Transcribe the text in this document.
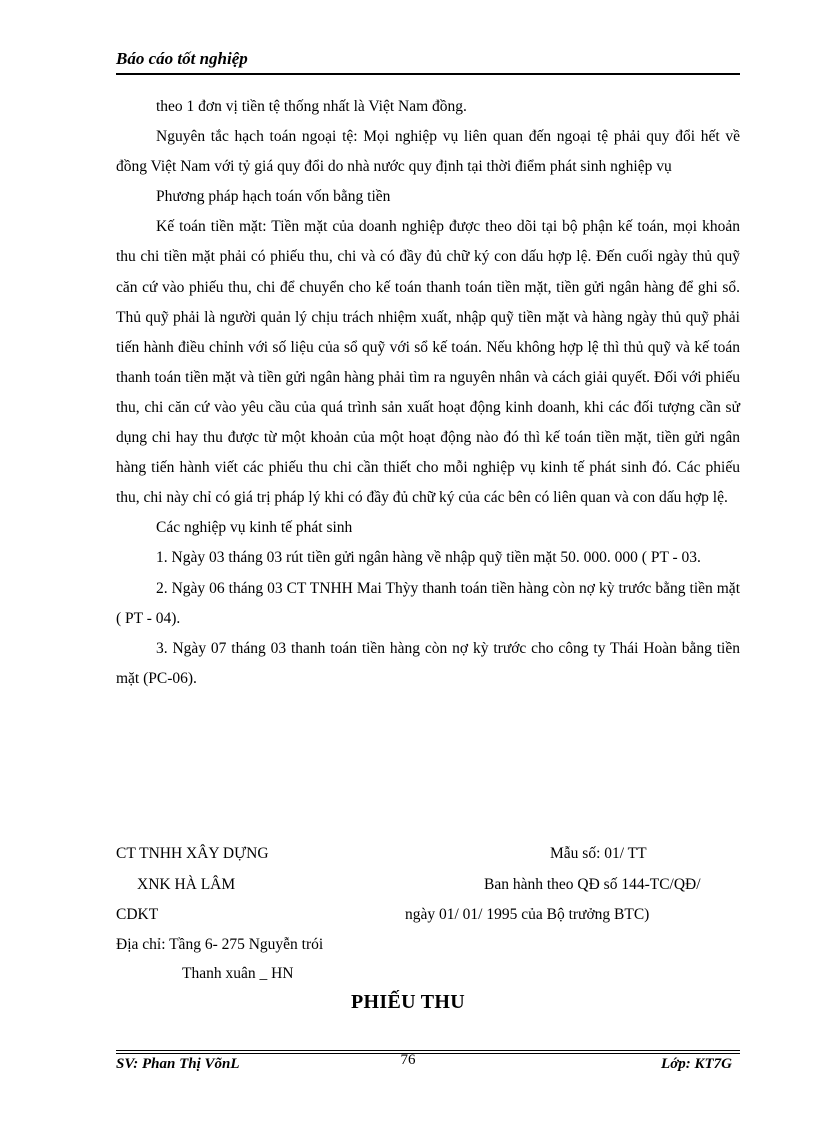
Báo cáo tốt nghiệp

theo 1 đơn vị tiền tệ thống nhất là Việt Nam đồng.

Nguyên tắc hạch toán ngoại tệ: Mọi nghiệp vụ liên quan đến ngoại tệ phải quy đổi hết về đồng Việt Nam với tỷ giá quy đổi do nhà nước quy định tại thời điểm phát sinh nghiệp vụ

Phương pháp hạch toán vốn bằng tiền

Kế toán tiền mặt: Tiền mặt của doanh nghiệp được theo dõi tại bộ phận kế toán, mọi khoản thu chi tiền mặt phải có phiếu thu, chi và có đầy đủ chữ ký con dấu hợp lệ. Đến cuối ngày thủ quỹ căn cứ vào phiếu thu, chi để chuyển cho kế toán thanh toán tiền mặt, tiền gửi ngân hàng để ghi sổ. Thủ quỹ phải là người quản lý chịu trách nhiệm xuất, nhập quỹ tiền mặt và hàng ngày thủ quỹ phải tiến hành điều chỉnh với số liệu của sổ quỹ với sổ kế toán. Nếu không hợp lệ thì thủ quỹ và kế toán thanh toán tiền mặt và tiền gửi ngân hàng phải tìm ra nguyên nhân và cách giải quyết. Đối với phiếu thu, chi căn cứ vào yêu cầu của quá trình sản xuất hoạt động kinh doanh, khi các đối tượng cần sử dụng chi hay thu được từ một khoản của một hoạt động nào đó thì kế toán tiền mặt, tiền gửi ngân hàng tiến hành viết các phiếu thu chi cần thiết cho mỗi nghiệp vụ kinh tế phát sinh đó. Các phiếu thu, chi này chỉ có giá trị pháp lý khi có đầy đủ chữ ký của các bên có liên quan và con dấu hợp lệ.

Các nghiệp vụ kinh tế phát sinh

1. Ngày 03 tháng 03 rút tiền gửi ngân hàng về nhập quỹ tiền mặt 50. 000. 000 ( PT - 03.

2. Ngày 06 tháng 03 CT TNHH Mai Thỳy thanh toán tiền hàng còn nợ kỳ trước bằng tiền mặt ( PT - 04).

3. Ngày 07 tháng 03 thanh toán tiền hàng còn nợ kỳ trước cho công ty Thái Hoàn bằng tiền mặt (PC-06).

CT TNHH XÂY DỰNG	Mẫu số: 01/ TT
XNK HÀ LÂM	Ban hành theo QĐ số 144-TC/QĐ/
CDKT	ngày 01/ 01/ 1995 của Bộ trưởng BTC)
Địa chỉ: Tầng 6- 275 Nguyễn trói
Thanh xuân _ HN
PHIẾU THU
SV: Phan Thị VõnL	76	Lớp: KT7G
